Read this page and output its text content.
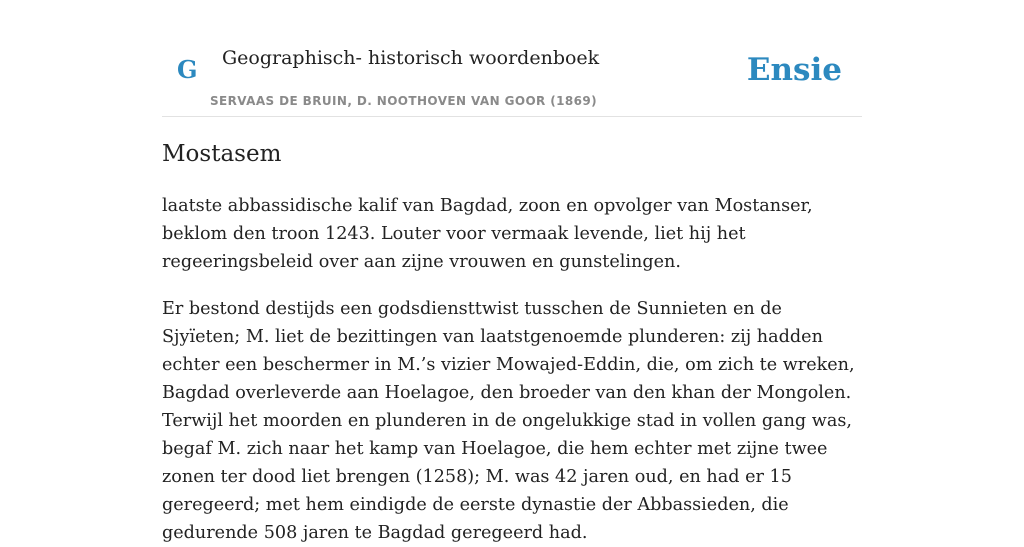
G Geographisch- historisch woordenboek
SERVAAS DE BRUIN, D. NOOTHOVEN VAN GOOR (1869)
Ensie
Mostasem

laatste abbassidische kalif van Bagdad, zoon en opvolger van Mostanser, beklom den troon 1243. Louter voor vermaak levende, liet hij het regeeringsbeleid over aan zijne vrouwen en gunstelingen.

Er bestond destijds een godsdiensttwist tusschen de Sunnieten en de Sjyïeten; M. liet de bezittingen van laatstgenoemde plunderen: zij hadden echter een beschermer in M.’s vizier Mowajed-Eddin, die, om zich te wreken, Bagdad overleverde aan Hoelagoe, den broeder van den khan der Mongolen. Terwijl het moorden en plunderen in de ongelukkige stad in vollen gang was, begaf M. zich naar het kamp van Hoelagoe, die hem echter met zijne twee zonen ter dood liet brengen (1258); M. was 42 jaren oud, en had er 15 geregeerd; met hem eindigde de eerste dynastie der Abbassieden, die gedurende 508 jaren te Bagdad geregeerd had.
